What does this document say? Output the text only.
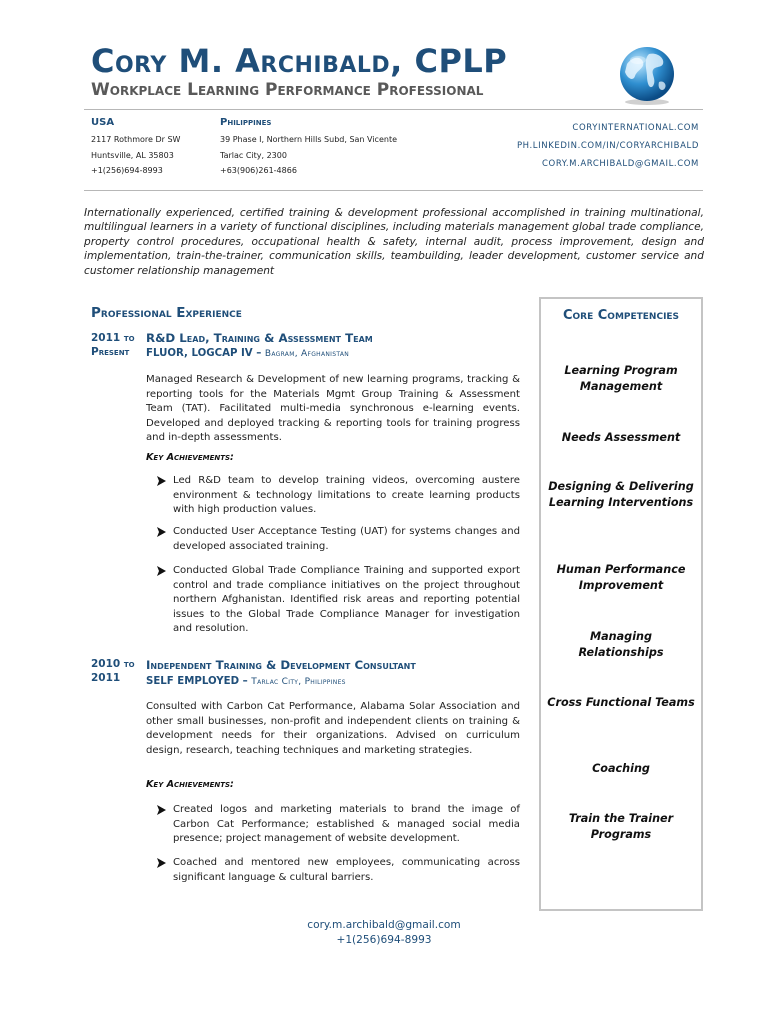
Cory M. Archibald, CPLP
Workplace Learning Performance Professional
USA
2117 Rothmore Dr SW
Huntsville, AL 35803
+1(256)694-8993
Philippines
39 Phase I, Northern Hills Subd, San Vicente
Tarlac City, 2300
+63(906)261-4866
CORYINTERNATIONAL.COM
PH.LINKEDIN.COM/IN/CORYARCHIBALD
CORY.M.ARCHIBALD@GMAIL.COM
Internationally experienced, certified training & development professional accomplished in training multinational, multilingual learners in a variety of functional disciplines, including materials management global trade compliance, property control procedures, occupational health & safety, internal audit, process improvement, design and implementation, train-the-trainer, communication skills, teambuilding, leader development, customer service and customer relationship management
Professional Experience
2011 to
Present
R&D Lead, Training & Assessment Team
FLUOR, LOGCAP IV – Bagram, Afghanistan
Managed Research & Development of new learning programs, tracking & reporting tools for the Materials Mgmt Group Training & Assessment Team (TAT). Facilitated multi-media synchronous e-learning events. Developed and deployed tracking & reporting tools for training progress and in-depth assessments.
Key Achievements:
Led R&D team to develop training videos, overcoming austere environment & technology limitations to create learning products with high production values.
Conducted User Acceptance Testing (UAT) for systems changes and developed associated training.
Conducted Global Trade Compliance Training and supported export control and trade compliance initiatives on the project throughout northern Afghanistan. Identified risk areas and reporting potential issues to the Global Trade Compliance Manager for investigation and resolution.
2010 to
2011
Independent Training & Development Consultant
SELF EMPLOYED – Tarlac City, Philippines
Consulted with Carbon Cat Performance, Alabama Solar Association and other small businesses, non-profit and independent clients on training & development needs for their organizations. Advised on curriculum design, research, teaching techniques and marketing strategies.
Key Achievements:
Created logos and marketing materials to brand the image of Carbon Cat Performance; established & managed social media presence; project management of website development.
Coached and mentored new employees, communicating across significant language & cultural barriers.
Core Competencies
Learning Program Management
Needs Assessment
Designing & Delivering Learning Interventions
Human Performance Improvement
Managing Relationships
Cross Functional Teams
Coaching
Train the Trainer Programs
cory.m.archibald@gmail.com
+1(256)694-8993
